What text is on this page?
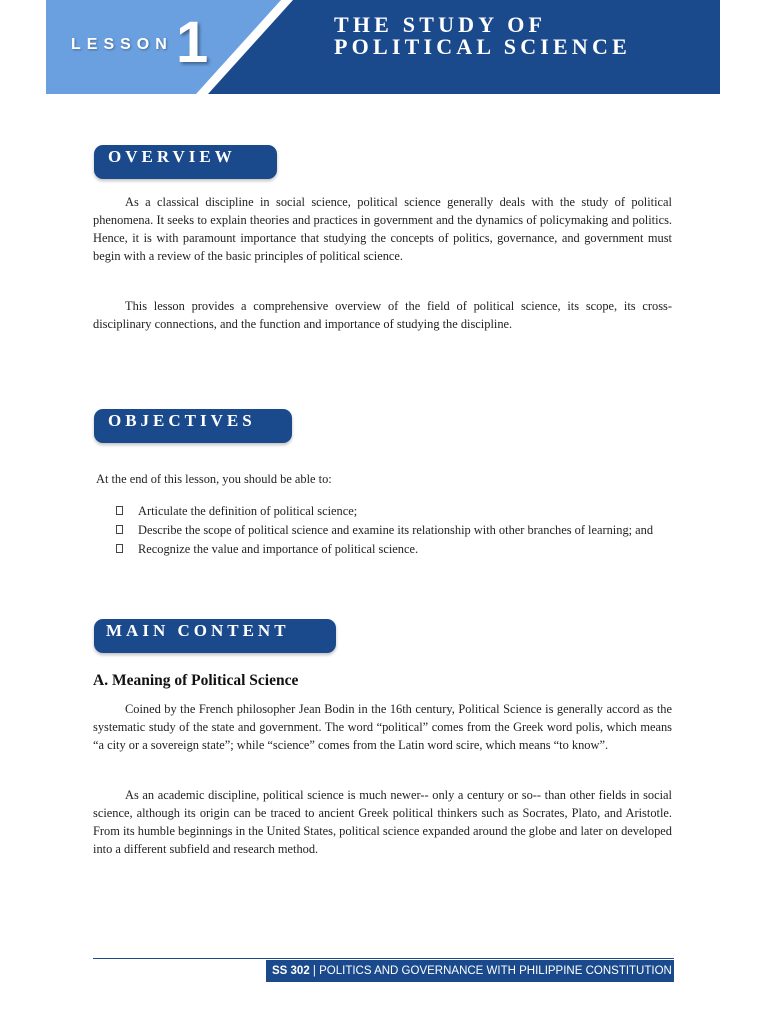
LESSON 1	THE STUDY OF
POLITICAL SCIENCE
OVERVIEW

As a classical discipline in social science, political science generally deals with the study of political phenomena. It seeks to explain theories and practices in government and the dynamics of policymaking and politics. Hence, it is with paramount importance that studying the concepts of politics, governance, and government must begin with a review of the basic principles of political science.

This lesson provides a comprehensive overview of the field of political science, its scope, its cross-disciplinary connections, and the function and importance of studying the discipline.

OBJECTIVES

At the end of this lesson, you should be able to:

Articulate the definition of political science;
Describe the scope of political science and examine its relationship with other branches of learning; and
Recognize the value and importance of political science.
MAIN CONTENT
A. Meaning of Political Science

Coined by the French philosopher Jean Bodin in the 16th century, Political Science is generally accord as the systematic study of the state and government. The word “political” comes from the Greek word polis, which means “a city or a sovereign state”; while “science” comes from the Latin word scire, which means “to know”.

As an academic discipline, political science is much newer-- only a century or so-- than other fields in social science, although its origin can be traced to ancient Greek political thinkers such as Socrates, Plato, and Aristotle. From its humble beginnings in the United States, political science expanded around the globe and later on developed into a different subfield and research method.

SS 302 | POLITICS AND GOVERNANCE WITH PHILIPPINE CONSTITUTION
